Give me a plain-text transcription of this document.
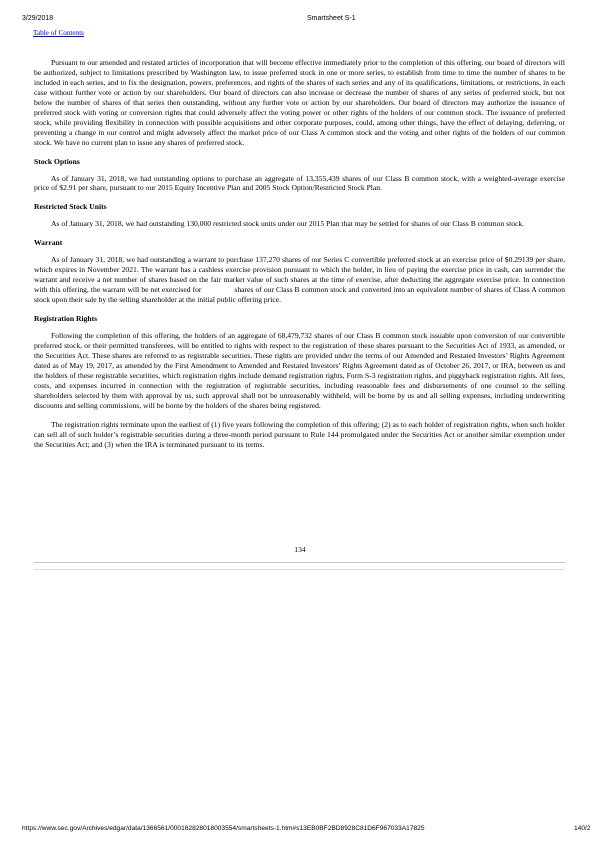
3/29/2018	Smartsheet S-1
Table of Contents

Pursuant to our amended and restated articles of incorporation that will become effective immediately prior to the completion of this offering, our board of directors will be authorized, subject to limitations prescribed by Washington law, to issue preferred stock in one or more series, to establish from time to time the number of shares to be included in each series, and to fix the designation, powers, preferences, and rights of the shares of each series and any of its qualifications, limitations, or restrictions, in each case without further vote or action by our shareholders. Our board of directors can also increase or decrease the number of shares of any series of preferred stock, but not below the number of shares of that series then outstanding, without any further vote or action by our shareholders. Our board of directors may authorize the issuance of preferred stock with voting or conversion rights that could adversely affect the voting power or other rights of the holders of our common stock. The issuance of preferred stock, while providing flexibility in connection with possible acquisitions and other corporate purposes, could, among other things, have the effect of delaying, deferring, or preventing a change in our control and might adversely affect the market price of our Class A common stock and the voting and other rights of the holders of our common stock. We have no current plan to issue any shares of preferred stock.

Stock Options

As of January 31, 2018, we had outstanding options to purchase an aggregate of 13,355,439 shares of our Class B common stock, with a weighted-average exercise price of $2.91 per share, pursuant to our 2015 Equity Incentive Plan and 2005 Stock Option/Restricted Stock Plan.

Restricted Stock Units

As of January 31, 2018, we had outstanding 130,000 restricted stock units under our 2015 Plan that may be settled for shares of our Class B common stock.

Warrant

As of January 31, 2018, we had outstanding a warrant to purchase 137,270 shares of our Series C convertible preferred stock at an exercise price of $0.29139 per share, which expires in November 2021. The warrant has a cashless exercise provision pursuant to which the holder, in lieu of paying the exercise price in cash, can surrender the warrant and receive a net number of shares based on the fair market value of such shares at the time of exercise, after deducting the aggregate exercise price. In connection with this offering, the warrant will be net exercised for	shares of our Class B common stock and converted into an equivalent number of shares of Class A common stock upon their sale by the selling shareholder at the initial public offering price.

Registration Rights

Following the completion of this offering, the holders of an aggregate of 68,479,732 shares of our Class B common stock issuable upon conversion of our convertible preferred stock, or their permitted transferees, will be entitled to rights with respect to the registration of these shares pursuant to the Securities Act of 1933, as amended, or the Securities Act. These shares are referred to as registrable securities. These rights are provided under the terms of our Amended and Restated Investors’ Rights Agreement dated as of May 19, 2017, as amended by the First Amendment to Amended and Restated Investors’ Rights Agreement dated as of October 26, 2017, or IRA, between us and the holders of these registrable securities, which registration rights include demand registration rights, Form S-3 registration rights, and piggyback registration rights. All fees, costs, and expenses incurred in connection with the registration of registrable securities, including reasonable fees and disbursements of one counsel to the selling shareholders selected by them with approval by us, such approval shall not be unreasonably withheld, will be borne by us and all selling expenses, including underwriting discounts and selling commissions, will be borne by the holders of the shares being registered.

The registration rights terminate upon the earliest of (1) five years following the completion of this offering; (2) as to each holder of registration rights, when such holder can sell all of such holder’s registrable securities during a three-month period pursuant to Rule 144 promulgated under the Securities Act or another similar exemption under the Securities Act; and (3) when the IRA is terminated pursuant to its terms.

134
https://www.sec.gov/Archives/edgar/data/1366561/000162828018003554/smartsheets-1.htm#s13EB0BF2BD8928C81D6F967033A17825	140/2
